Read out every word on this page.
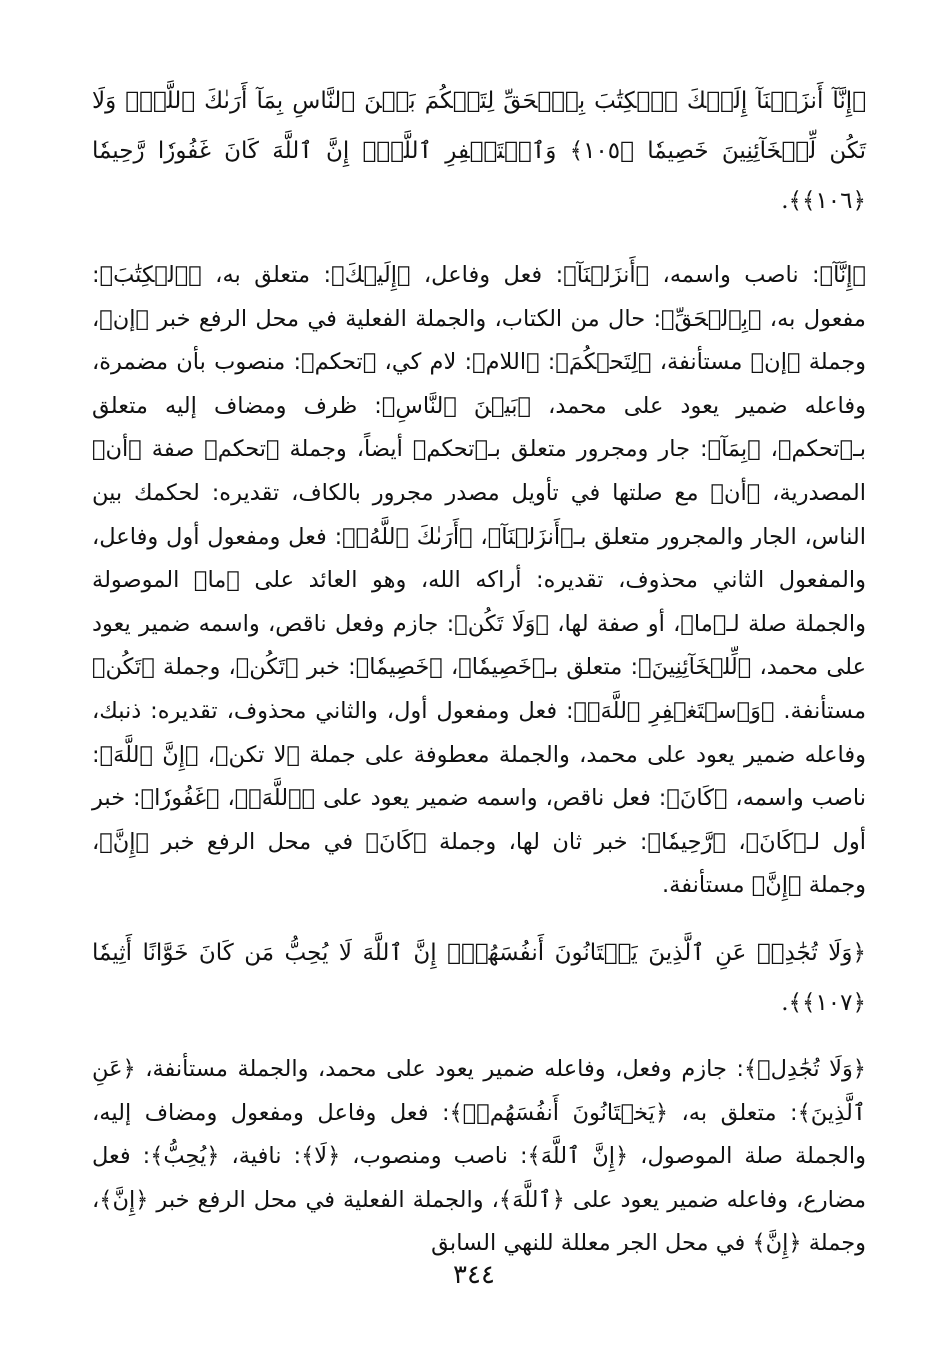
﴿إِنَّآ أَنزَلۡنَآ إِلَيۡكَ ٱلۡكِتَٰبَ بِٱلۡحَقِّ لِتَحۡكُمَ بَيۡنَ ٱلنَّاسِ بِمَآ أَرَىٰكَ ٱللَّهُۚ وَلَا تَكُن لِّلۡخَآئِنِينَ خَصِيمٗا ﴿١٠٥﴾ وَٱسۡتَغۡفِرِ ٱللَّهَۖ إِنَّ ٱللَّهَ كَانَ غَفُورٗا رَّحِيمٗا ﴿١٠٦﴾﴾.

﴿إِنَّآ﴾: ناصب واسمه، ﴿أَنزَلۡنَآ﴾: فعل وفاعل، ﴿إِلَيۡكَ﴾: متعلق به، ﴿ٱلۡكِتَٰبَ﴾: مفعول به، ﴿بِٱلۡحَقِّ﴾: حال من الكتاب، والجملة الفعلية في محل الرفع خبر ﴿إن﴾، وجملة ﴿إن﴾ مستأنفة، ﴿لِتَحۡكُمَ﴾: ﴿اللام﴾: لام كي، ﴿تحكم﴾: منصوب بأن مضمرة، وفاعله ضمير يعود على محمد، ﴿بَيۡنَ ٱلنَّاسِ﴾: ظرف ومضاف إليه متعلق بـ﴿تحكم﴾، ﴿بِمَآ﴾: جار ومجرور متعلق بـ﴿تحكم﴾ أيضاً، وجملة ﴿تحكم﴾ صفة ﴿أن﴾ المصدرية، ﴿أن﴾ مع صلتها في تأويل مصدر مجرور بالكاف، تقديره: لحكمك بين الناس، الجار والمجرور متعلق بـ﴿أَنزَلۡنَآ﴾، ﴿أَرَىٰكَ ٱللَّهُۚ﴾: فعل ومفعول أول وفاعل، والمفعول الثاني محذوف، تقديره: أراكه الله، وهو العائد على ﴿ما﴾ الموصولة والجملة صلة لـ﴿ما﴾، أو صفة لها، ﴿وَلَا تَكُن﴾: جازم وفعل ناقص، واسمه ضمير يعود على محمد، ﴿لِّلۡخَآئِنِينَ﴾: متعلق بـ﴿خَصِيمٗا﴾، ﴿خَصِيمٗا﴾: خبر ﴿تَكُن﴾، وجملة ﴿تَكُن﴾ مستأنفة. ﴿وَٱسۡتَغۡفِرِ ٱللَّهَۖ﴾: فعل ومفعول أول، والثاني محذوف، تقديره: ذنبك، وفاعله ضمير يعود على محمد، والجملة معطوفة على جملة ﴿لا تكن﴾، ﴿إِنَّ ٱللَّهَ﴾: ناصب واسمه، ﴿كَانَ﴾: فعل ناقص، واسمه ضمير يعود على ﴿ٱللَّهَۖ﴾، ﴿غَفُورٗا﴾: خبر أول لـ﴿كَانَ﴾، ﴿رَّحِيمٗا﴾: خبر ثان لها، وجملة ﴿كَانَ﴾ في محل الرفع خبر ﴿إِنَّ﴾، وجملة ﴿إِنَّ﴾ مستأنفة.

﴿وَلَا تُجَٰدِلۡ عَنِ ٱلَّذِينَ يَخۡتَانُونَ أَنفُسَهُمۡۚ إِنَّ ٱللَّهَ لَا يُحِبُّ مَن كَانَ خَوَّانًا أَثِيمٗا ﴿١٠٧﴾﴾.

﴿وَلَا تُجَٰدِلۡ﴾: جازم وفعل، وفاعله ضمير يعود على محمد، والجملة مستأنفة، ﴿عَنِ ٱلَّذِينَ﴾: متعلق به، ﴿يَخۡتَانُونَ أَنفُسَهُمۡۚ﴾: فعل وفاعل ومفعول ومضاف إليه، والجملة صلة الموصول، ﴿إِنَّ ٱللَّهَ﴾: ناصب ومنصوب، ﴿لَا﴾: نافية، ﴿يُحِبُّ﴾: فعل مضارع، وفاعله ضمير يعود على ﴿ٱللَّهَ﴾، والجملة الفعلية في محل الرفع خبر ﴿إِنَّ﴾، وجملة ﴿إِنَّ﴾ في محل الجر معللة للنهي السابق

٣٤٤
